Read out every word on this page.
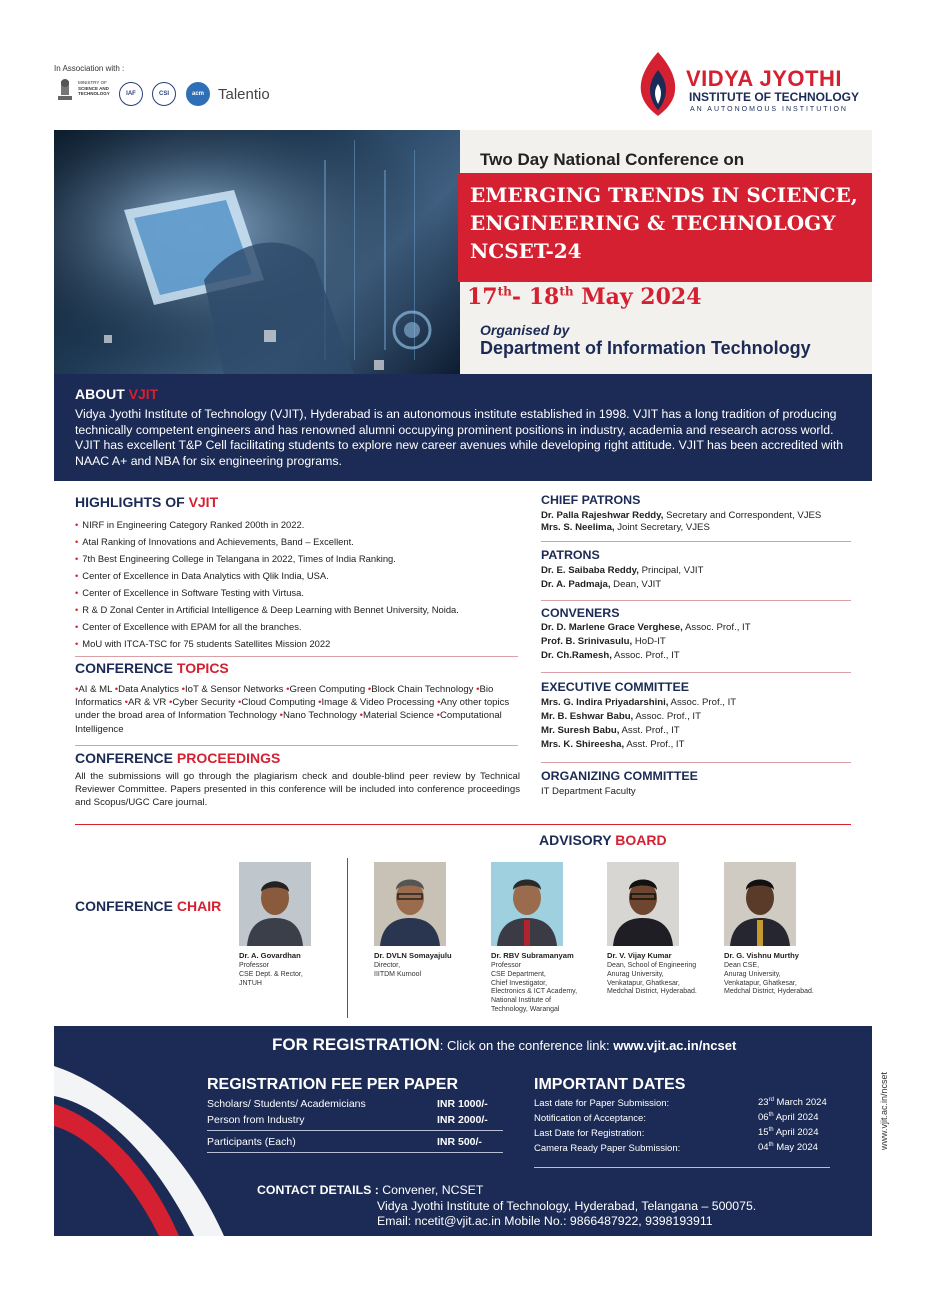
In Association with :
MINISTRY OF
SCIENCE AND
TECHNOLOGY	IAF	CSI	acm Talentio
VIDYA JYOTHI
INSTITUTE OF TECHNOLOGY
AN AUTONOMOUS INSTITUTION
Two Day National Conference on
EMERGING TRENDS IN SCIENCE,
ENGINEERING & TECHNOLOGY
NCSET-24
17th- 18th May 2024
Organised by
Department of Information Technology
ABOUT VJIT
Vidya Jyothi Institute of Technology (VJIT), Hyderabad is an autonomous institute established in 1998. VJIT has a long tradition of producing technically competent engineers and has renowned alumni occupying prominent positions in industry, academia and research across world. VJIT has excellent T&P Cell facilitating students to explore new career avenues while developing right attitude. VJIT has been accredited with NAAC A+ and NBA for six engineering programs.
HIGHLIGHTS OF VJIT
• NIRF in Engineering Category Ranked 200th in 2022.
• Atal Ranking of Innovations and Achievements, Band – Excellent.
• 7th Best Engineering College in Telangana in 2022, Times of India Ranking.
• Center of Excellence in Data Analytics with Qlik India, USA.
• Center of Excellence in Software Testing with Virtusa.
• R & D Zonal Center in Artificial Intelligence & Deep Learning with Bennet University, Noida.
• Center of Excellence with EPAM for all the branches.
• MoU with ITCA-TSC for 75 students Satellites Mission 2022
CONFERENCE TOPICS
•AI & ML •Data Analytics •IoT & Sensor Networks •Green Computing •Block Chain Technology •Bio Informatics •AR & VR •Cyber Security •Cloud Computing •Image & Video Processing •Any other topics under the broad area of Information Technology •Nano Technology •Material Science •Computational Intelligence
CONFERENCE PROCEEDINGS
All the submissions will go through the plagiarism check and double-blind peer review by Technical Reviewer Committee. Papers presented in this conference will be included into conference proceedings and Scopus/UGC Care journal.
CHIEF PATRONS
Dr. Palla Rajeshwar Reddy, Secretary and Correspondent, VJES
Mrs. S. Neelima, Joint Secretary, VJES
PATRONS
Dr. E. Saibaba Reddy, Principal, VJIT
Dr. A. Padmaja, Dean, VJIT
CONVENERS
Dr. D. Marlene Grace Verghese, Assoc. Prof., IT
Prof. B. Srinivasulu, HoD-IT
Dr. Ch.Ramesh, Assoc. Prof., IT
EXECUTIVE COMMITTEE
Mrs. G. Indira Priyadarshini, Assoc. Prof., IT
Mr. B. Eshwar Babu, Assoc. Prof., IT
Mr. Suresh Babu, Asst. Prof., IT
Mrs. K. Shireesha, Asst. Prof., IT
ORGANIZING COMMITTEE
IT Department Faculty
ADVISORY BOARD
CONFERENCE CHAIR
Dr. A. Govardhan
Professor
CSE Dept. & Rector,
JNTUH
Dr. DVLN Somayajulu
Director,
IIITDM Kurnool
Dr. RBV Subramanyam
Professor
CSE Department,
Chief Investigator,
Electronics & ICT Academy,
National Institute of
Technology, Warangal
Dr. V. Vijay Kumar
Dean, School of Engineering
Anurag University,
Venkatapur, Ghatkesar,
Medchal District, Hyderabad.
Dr. G. Vishnu Murthy
Dean CSE,
Anurag University,
Venkatapur, Ghatkesar,
Medchal District, Hyderabad.
FOR REGISTRATION: Click on the conference link: www.vjit.ac.in/ncset
REGISTRATION FEE PER PAPER
Scholars/ Students/ Academicians	INR 1000/-
Person from Industry	INR 2000/-
Participants (Each)	INR 500/-
IMPORTANT DATES
Last date for Paper Submission:	23rd March 2024
Notification of Acceptance:	06th April 2024
Last Date for Registration:	15th April 2024
Camera Ready Paper Submission:	04th May 2024
CONTACT DETAILS : Convener, NCSET
Vidya Jyothi Institute of Technology, Hyderabad, Telangana – 500075.
Email: ncetit@vjit.ac.in Mobile No.: 9866487922, 9398193911
www.vjit.ac.in/ncset
